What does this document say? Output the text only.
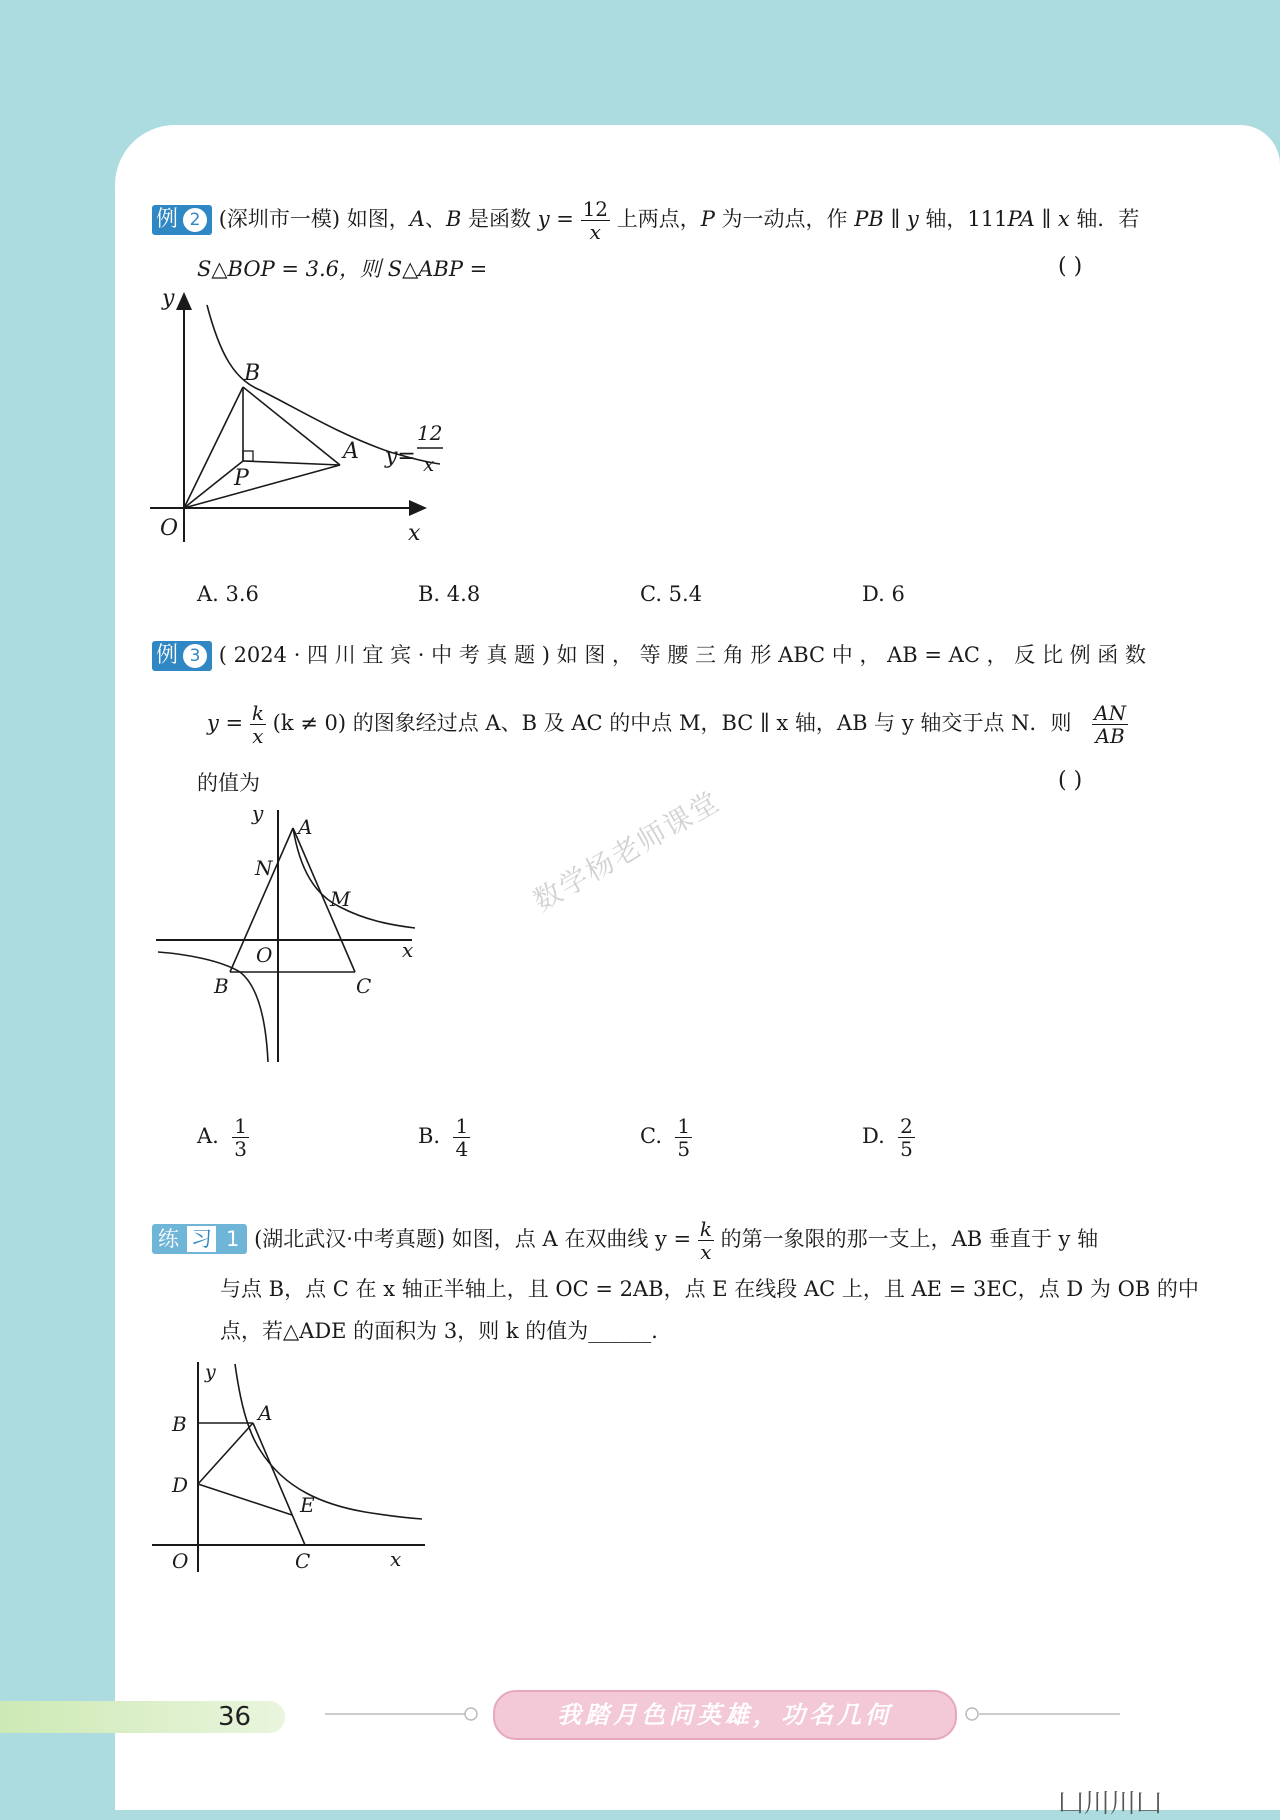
例 2 (深圳市一模) 如图，A、B 是函数 $y = \frac{12}{x}$ 上两点，P 为一动点，作 PB ∥ y 轴，111PA ∥ x 轴．若
S△BOP = 3.6，则 S△ABP =	( )
y
B
A
P
O	x
y=
12
x
A. 3.6	B. 4.8	C. 5.4	D. 6
例 3 ( 2024 · 四 川 宜 宾 · 中 考 真 题 ) 如 图 ， 等 腰 三 角 形 ABC 中 ， AB = AC ， 反 比 例 函 数
$y = \frac{k}{x} (k \ne 0)$ 的图象经过点 A、B 及 AC 的中点 M，BC ∥ x 轴，AB 与 y 轴交于点 N．则 $\frac{AN}{AB}$
的值为	( )
y
A
N
M
O	x
B	C
A. $\frac{1}{3}$	B. $\frac{1}{4}$	C. $\frac{1}{5}$	D. $\frac{2}{5}$
数学杨老师课堂
练 习 1 (湖北武汉·中考真题) 如图，点 A 在双曲线 $y = \frac{k}{x}$ 的第一象限的那一支上，AB 垂直于 y 轴
与点 B，点 C 在 x 轴正半轴上，且 OC = 2AB，点 E 在线段 AC 上，且 AE = 3EC，点 D 为 OB 的中
点，若△ADE 的面积为 3，则 k 的值为______．
y
B	A
D
E
O	C	x
36	我踏月色问英雄，功名几何
凵川川凵
